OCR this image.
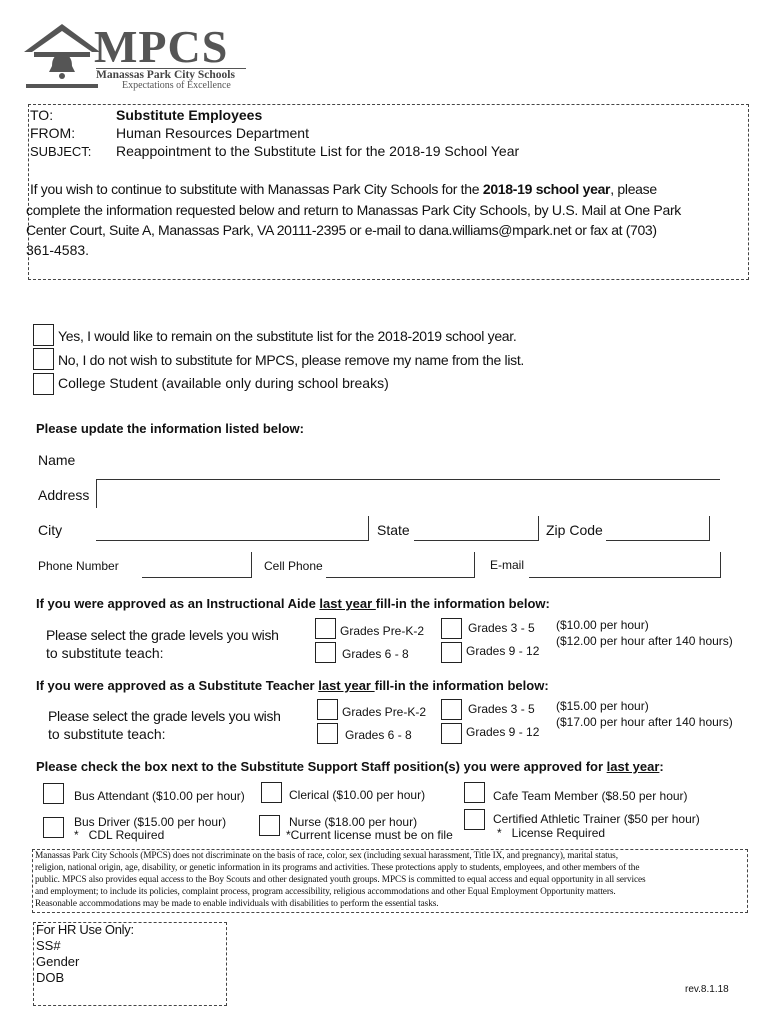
MPCS
Manassas Park City Schools
Expectations of Excellence
TO:	Substitute Employees
FROM:	Human Resources Department
SUBJECT: Reappointment to the Substitute List for the 2018-19 School Year
If you wish to continue to substitute with Manassas Park City Schools for the 2018-19 school year, please
complete the information requested below and return to Manassas Park City Schools, by U.S. Mail at One Park
Center Court, Suite A, Manassas Park, VA 20111-2395 or e-mail to dana.williams@mpark.net or fax at (703)
361-4583.
Yes, I would like to remain on the substitute list for the 2018-2019 school year.
No, I do not wish to substitute for MPCS, please remove my name from the list.
College Student (available only during school breaks)
Please update the information listed below:
Name
Address
City	State	Zip Code
Phone Number	Cell Phone	E-mail
If you were approved as an Instructional Aide last year fill-in the information below:
Please select the grade levels you wish
to substitute teach:
Grades Pre-K-2
Grades 6 - 8
Grades 3 - 5
Grades 9 - 12
($10.00 per hour)
($12.00 per hour after 140 hours)
If you were approved as a Substitute Teacher last year fill-in the information below:
Please select the grade levels you wish
to substitute teach:
Grades Pre-K-2
Grades 6 - 8
Grades 3 - 5
Grades 9 - 12
($15.00 per hour)
($17.00 per hour after 140 hours)
Please check the box next to the Substitute Support Staff position(s) you were approved for last year:
Bus Attendant ($10.00 per hour)	Clerical ($10.00 per hour)	Cafe Team Member ($8.50 per hour)
Bus Driver ($15.00 per hour)
*   CDL Required
Nurse ($18.00 per hour)
*Current license must be on file
Certified Athletic Trainer ($50 per hour)
*   License Required
Manassas Park City Schools (MPCS) does not discriminate on the basis of race, color, sex (including sexual harassment, Title IX, and pregnancy), marital status,
religion, national origin, age, disability, or genetic information in its programs and activities. These protections apply to students, employees, and other members of the
public. MPCS also provides equal access to the Boy Scouts and other designated youth groups. MPCS is committed to equal access and equal opportunity in all services
and employment; to include its policies, complaint process, program accessibility, religious accommodations and other Equal Employment Opportunity matters.
Reasonable accommodations may be made to enable individuals with disabilities to perform the essential tasks.
For HR Use Only:
SS#
Gender
DOB
rev.8.1.18
